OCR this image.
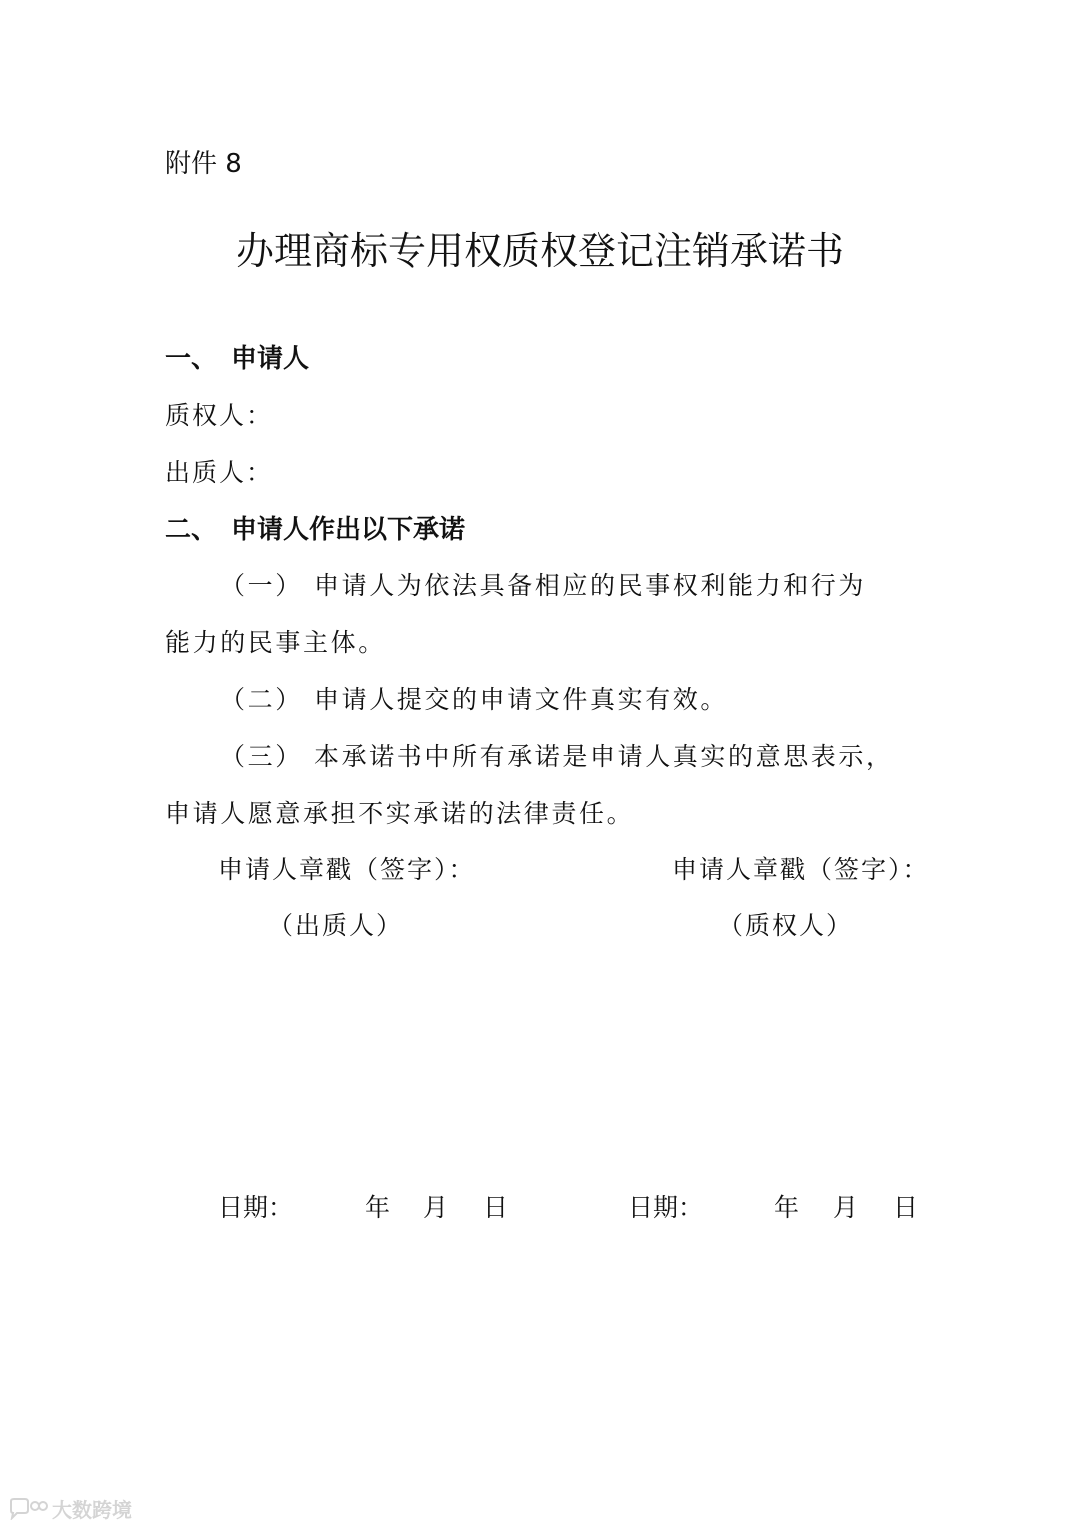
附件 8
办理商标专用权质权登记注销承诺书
一、 申请人
质权人：
出质人：
二、 申请人作出以下承诺
（一） 申请人为依法具备相应的民事权利能力和行为
能力的民事主体。
（二） 申请人提交的申请文件真实有效。
（三） 本承诺书中所有承诺是申请人真实的意思表示，
申请人愿意承担不实承诺的法律责任。
申请人章戳（签字）：
（出质人）
申请人章戳（签字）：
（质权人）
日期：	年 月 日	日期：	年 月 日
大数跨境
